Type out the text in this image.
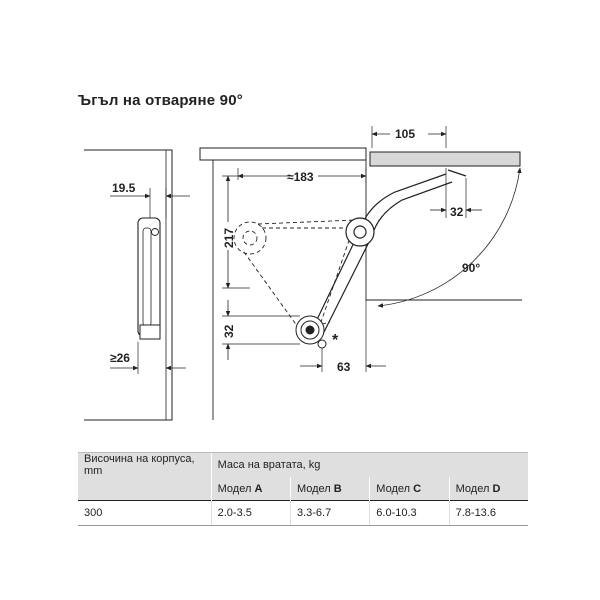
Ъгъл на отваряне 90°
19.5
≥26
*
≈183
105
32
90°
217
32
63
Височина на корпуса, mm	Маса на вратата, kg			
	Модел A	Модел B	Модел C	Модел D
300	2.0-3.5	3.3-6.7	6.0-10.3	7.8-13.6
